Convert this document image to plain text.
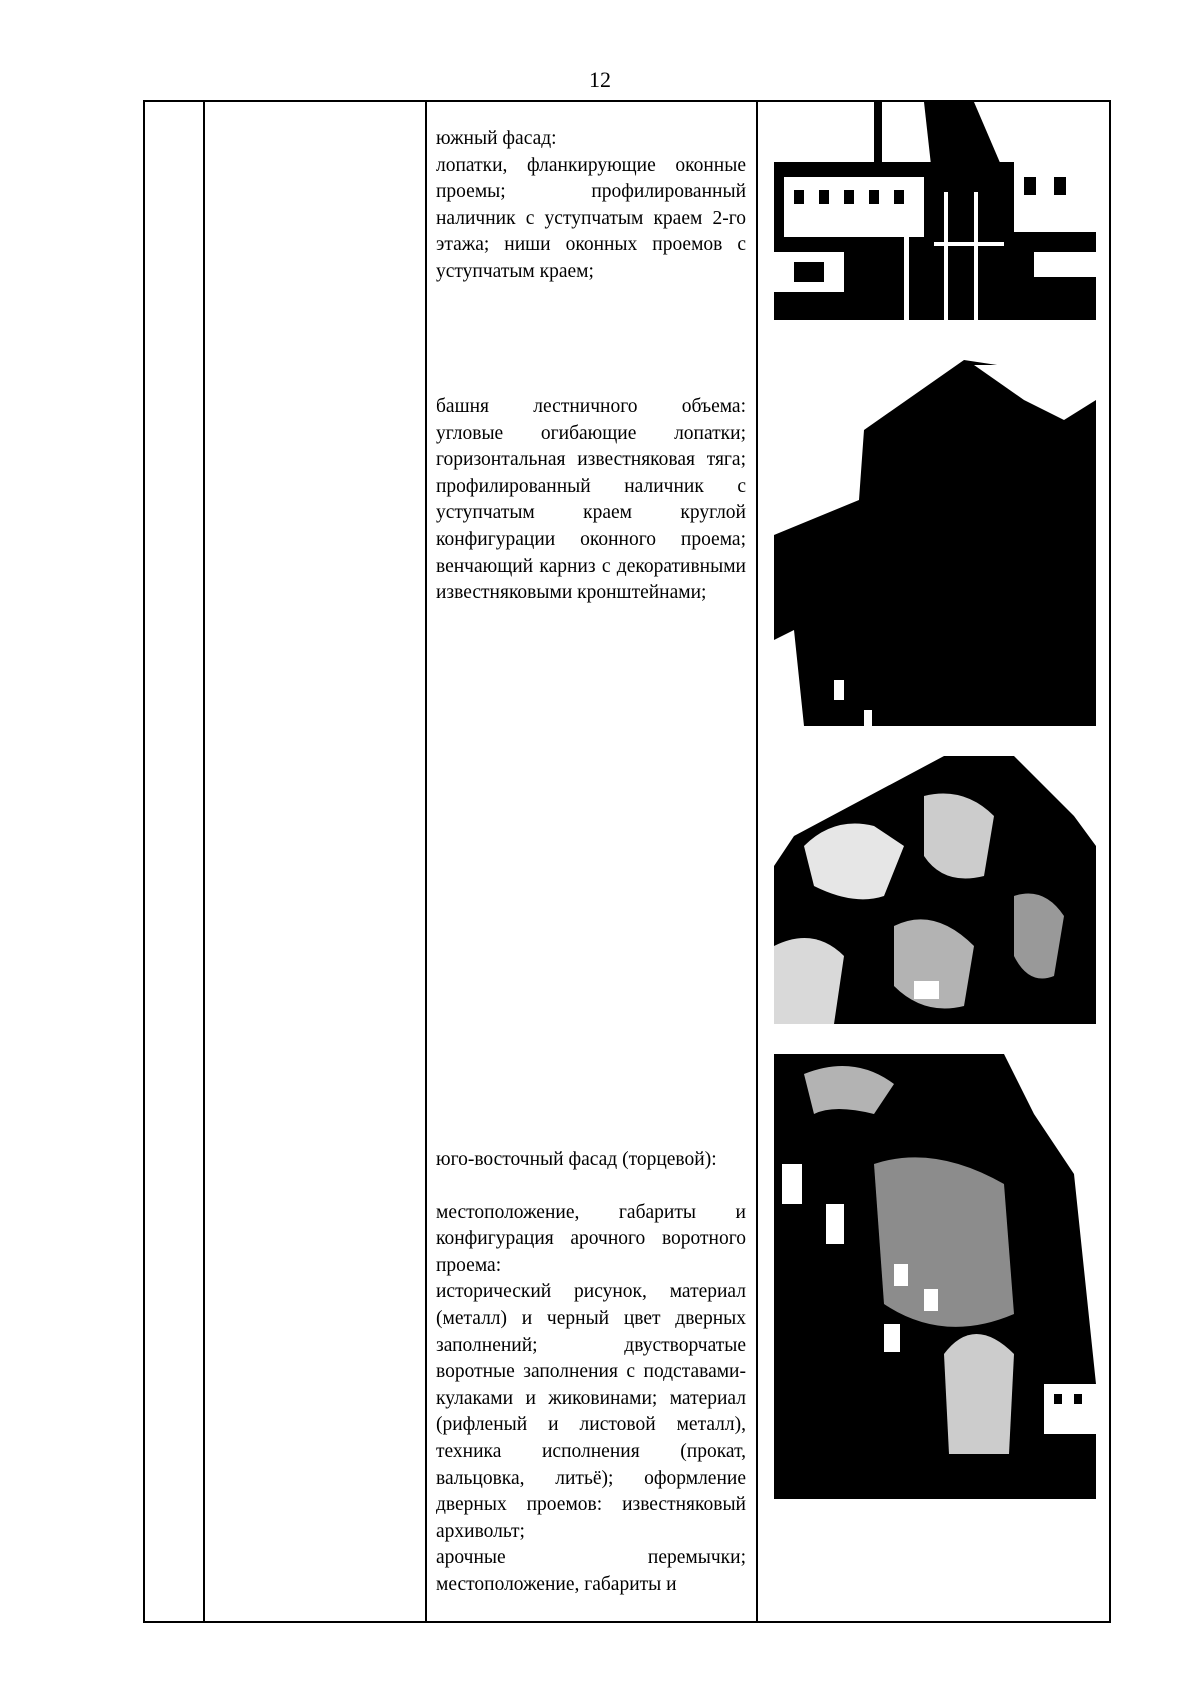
12

южный фасад:

лопатки, фланкирующие оконные проемы; профилированный наличник с уступчатым краем 2-го этажа; ниши оконных проемов с уступчатым краем;

башня лестничного объема:

угловые огибающие лопатки; горизонтальная известняковая тяга; профилированный наличник с уступчатым краем круглой конфигурации оконного проема; венчающий карниз с декоративными известняковыми кронштейнами;

юго-восточный фасад (торцевой):

местоположение, габариты и конфигурация арочного воротного проема:

исторический рисунок, материал (металл) и черный цвет дверных заполнений; двустворчатые воротные заполнения с подставами-кулаками и жиковинами; материал (рифленый и листовой металл), техника исполнения (прокат, вальцовка, литьё); оформление дверных проемов: известняковый архивольт;

арочные перемычки; местоположение, габариты и
